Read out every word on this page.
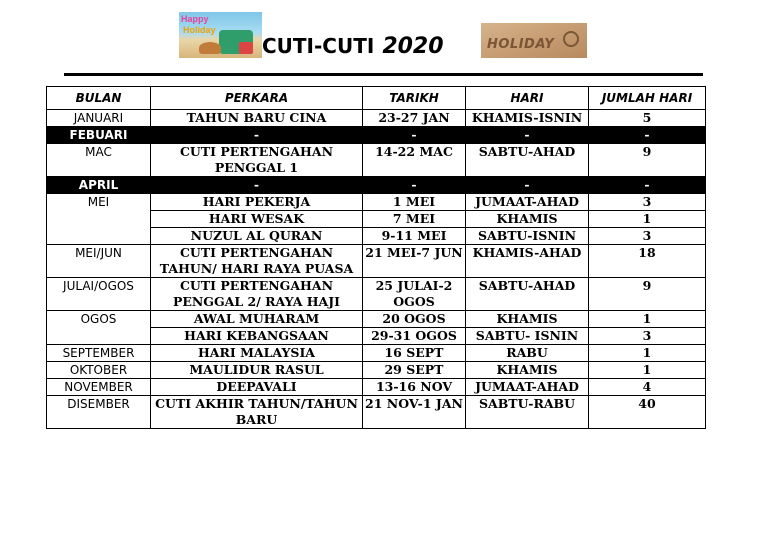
Happy
Holiday
CUTI-CUTI 2020	HOLIDAY
BULAN	PERKARA	TARIKH	HARI	JUMLAH HARI
JANUARI	TAHUN BARU CINA	23-27 JAN	KHAMIS-ISNIN	5
FEBUARI	-	-	-	-
MAC	CUTI PERTENGAHAN PENGGAL 1	14-22 MAC	SABTU-AHAD	9
APRIL	-	-	-	-
MEI	HARI PEKERJA	1 MEI	JUMAAT-AHAD	3
	HARI WESAK	7 MEI	KHAMIS	1
	NUZUL AL QURAN	9-11 MEI	SABTU-ISNIN	3
MEI/JUN	CUTI PERTENGAHAN TAHUN/ HARI RAYA PUASA	21 MEI-7 JUN	KHAMIS-AHAD	18
JULAI/OGOS	CUTI PERTENGAHAN PENGGAL 2/ RAYA HAJI	25 JULAI-2 OGOS	SABTU-AHAD	9
OGOS	AWAL MUHARAM	20 OGOS	KHAMIS	1
	HARI KEBANGSAAN	29-31 OGOS	SABTU- ISNIN	3
SEPTEMBER	HARI MALAYSIA	16 SEPT	RABU	1
OKTOBER	MAULIDUR RASUL	29 SEPT	KHAMIS	1
NOVEMBER	DEEPAVALI	13-16 NOV	JUMAAT-AHAD	4
DISEMBER	CUTI AKHIR TAHUN/TAHUN BARU	21 NOV-1 JAN	SABTU-RABU	40
